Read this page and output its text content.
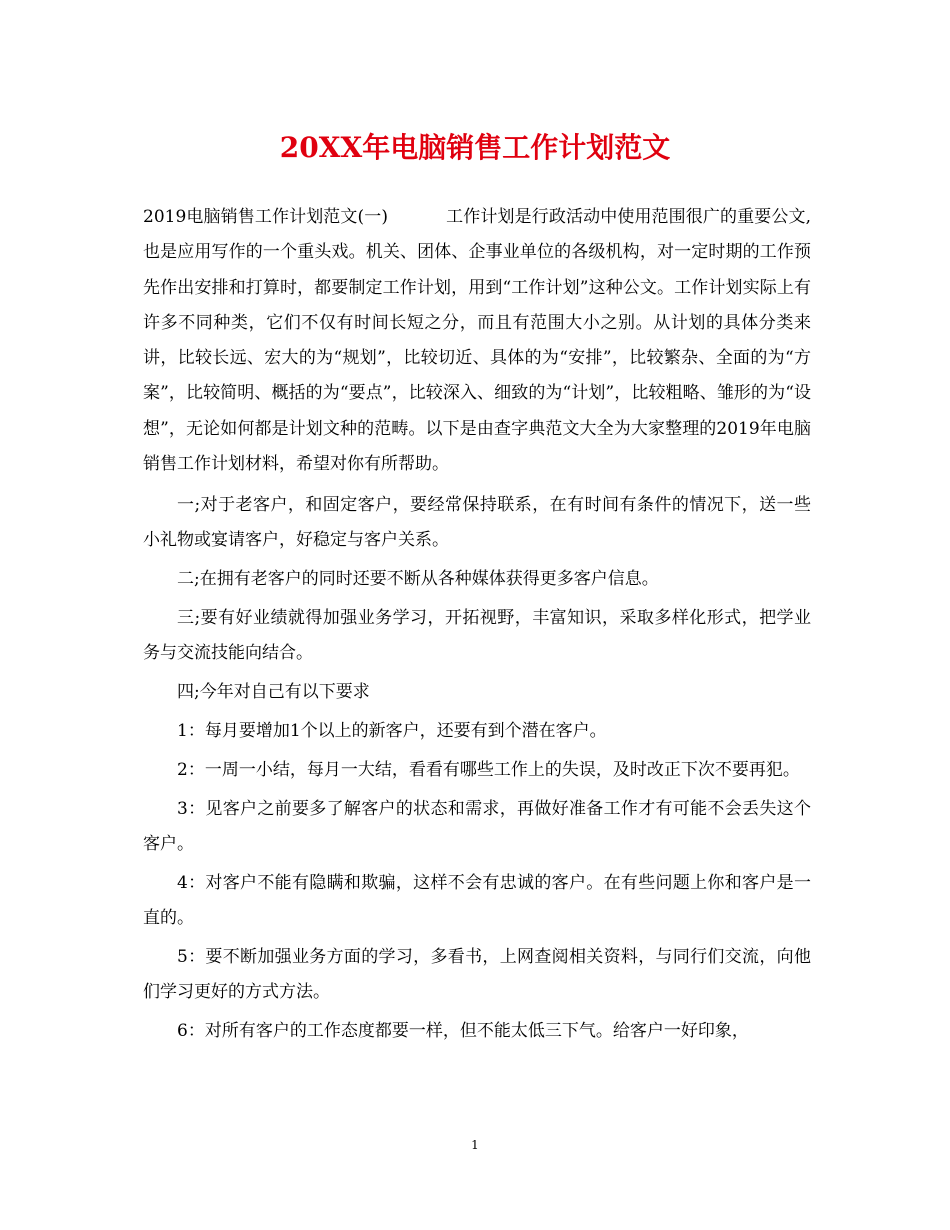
20XX年电脑销售工作计划范文

2019电脑销售工作计划范文(一)	工作计划是行政活动中使用范围很广的重要公文,也是应用写作的一个重头戏。机关、团体、企事业单位的各级机构，对一定时期的工作预先作出安排和打算时，都要制定工作计划，用到“工作计划”这种公文。工作计划实际上有许多不同种类，它们不仅有时间长短之分，而且有范围大小之别。从计划的具体分类来讲，比较长远、宏大的为“规划”，比较切近、具体的为“安排”，比较繁杂、全面的为“方案”，比较简明、概括的为“要点”，比较深入、细致的为“计划”，比较粗略、雏形的为“设想”，无论如何都是计划文种的范畴。以下是由查字典范文大全为大家整理的2019年电脑销售工作计划材料，希望对你有所帮助。

一;对于老客户，和固定客户，要经常保持联系，在有时间有条件的情况下，送一些小礼物或宴请客户，好稳定与客户关系。

二;在拥有老客户的同时还要不断从各种媒体获得更多客户信息。

三;要有好业绩就得加强业务学习，开拓视野，丰富知识，采取多样化形式，把学业务与交流技能向结合。

四;今年对自己有以下要求

1：每月要增加1个以上的新客户，还要有到个潜在客户。

2：一周一小结，每月一大结，看看有哪些工作上的失误，及时改正下次不要再犯。

3：见客户之前要多了解客户的状态和需求，再做好准备工作才有可能不会丢失这个客户。

4：对客户不能有隐瞒和欺骗，这样不会有忠诚的客户。在有些问题上你和客户是一直的。

5：要不断加强业务方面的学习，多看书，上网查阅相关资料，与同行们交流，向他们学习更好的方式方法。

6：对所有客户的工作态度都要一样，但不能太低三下气。给客户一好印象，

1
